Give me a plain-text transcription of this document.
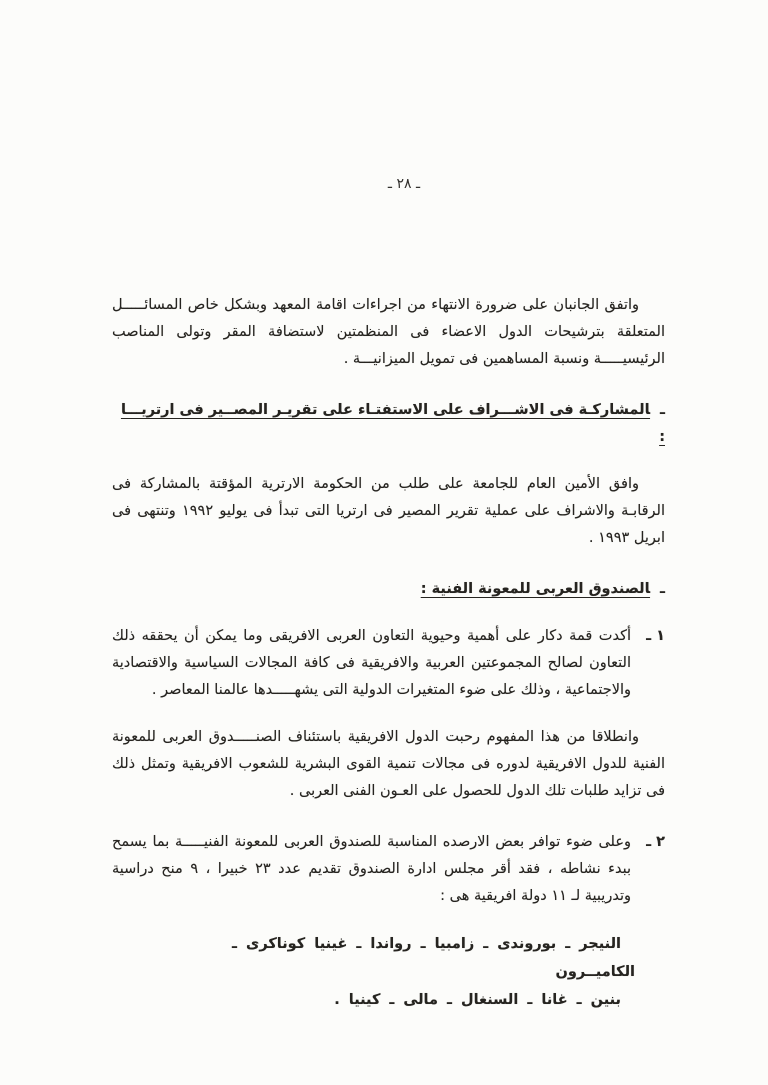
ـ ٢٨ ـ

واتفق الجانبان على ضرورة الانتهاء من اجراءات اقامة المعهد وبشكل خاص المسائـــــل المتعلقة بترشيحات الدول الاعضاء فى المنظمتين لاستضافة المقر وتولى المناصب الرئيسيـــــة ونسبة المساهمين فى تمويل الميزانيـــة .

ـالمشاركـة فى الاشـــراف على الاستفتـاء على تقريـر المصــير فى ارتريـــا :

وافق الأمين العام للجامعة على طلب من الحكومة الارترية المؤقتة بالمشاركة فى الرقابـة والاشراف على عملية تقرير المصير فى ارتريا التى تبدأ فى يوليو ١٩٩٢ وتنتهى فى ابريل ١٩٩٣ .

ـالصندوق العربى للمعونة الفنية :
١ ـ
أكدت قمة دكار على أهمية وحيوية التعاون العربى الافريقى وما يمكن أن يحققه ذلك التعاون لصالح المجموعتين العربية والافريقية فى كافة المجالات السياسية والاقتصادية والاجتماعية ، وذلك على ضوء المتغيرات الدولية التى يشهـــــدها عالمنا المعاصر .

وانطلاقا من هذا المفهوم رحبت الدول الافريقية باستئناف الصنـــــدوق العربى للمعونة الفنية للدول الافريقية لدوره فى مجالات تنمية القوى البشرية للشعوب الافريقية وتمثل ذلك فى تزايد طلبات تلك الدول للحصول على العـون الفنى العربى .

٢ ـ
وعلى ضوء توافر بعض الارصده المناسبة للصندوق العربى للمعونة الفنيـــــة بما يسمح ببدء نشاطه ، فقد أقر مجلس ادارة الصندوق تقديم عدد ٢٣ خبيرا ، ٩ منح دراسية وتدريبية لـ ١١ دولة افريقية هى :
النيجر ـ بوروندى ـ زامبيا ـ رواندا ـ غينيا كوناكرى ـ الكاميــرون
بنين ـ غانا ـ السنغال ـ مالى ـ كينيا .
